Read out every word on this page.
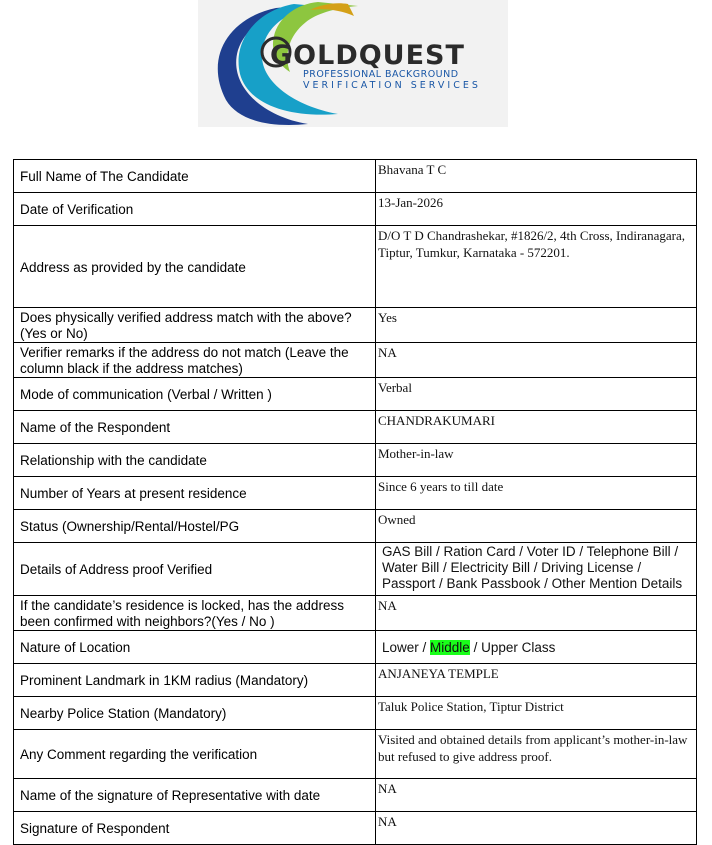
GOLDQUEST
PROFESSIONAL BACKGROUND
VERIFICATION SERVICES
Full Name of The Candidate	Bhavana T C
Date of Verification	13-Jan-2026
Address as provided by the candidate	D/O T D Chandrashekar, #1826/2, 4th Cross, Indiranagara, Tiptur, Tumkur, Karnataka - 572201.
Does physically verified address match with the above? (Yes or No)	Yes
Verifier remarks if the address do not match (Leave the column black if the address matches)	NA
Mode of communication (Verbal / Written )	Verbal
Name of the Respondent	CHANDRAKUMARI
Relationship with the candidate	Mother-in-law
Number of Years at present residence	Since 6 years to till date
Status (Ownership/Rental/Hostel/PG	Owned
Details of Address proof Verified	GAS Bill / Ration Card / Voter ID / Telephone Bill / Water Bill / Electricity Bill / Driving License / Passport / Bank Passbook / Other Mention Details
If the candidate’s residence is locked, has the address been confirmed with neighbors?(Yes / No )	NA
Nature of Location	Lower / Middle / Upper Class
Prominent Landmark in 1KM radius (Mandatory)	ANJANEYA TEMPLE
Nearby Police Station (Mandatory)	Taluk Police Station, Tiptur District
Any Comment regarding the verification	Visited and obtained details from applicant’s mother-in-law but refused to give address proof.
Name of the signature of Representative with date	NA
Signature of Respondent	NA
